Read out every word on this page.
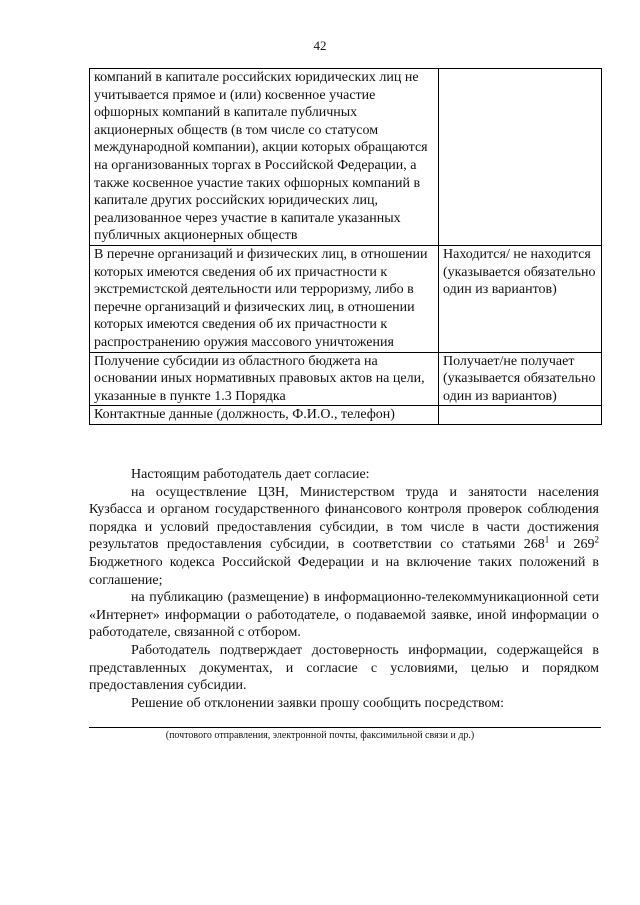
42
компаний в капитале российских юридических лиц не учитывается прямое и (или) косвенное участие офшорных компаний в капитале публичных акционерных обществ (в том числе со статусом международной компании), акции которых обращаются на организованных торгах в Российской Федерации, а также косвенное участие таких офшорных компаний в капитале других российских юридических лиц, реализованное через участие в капитале указанных публичных акционерных обществ	
В перечне организаций и физических лиц, в отношении которых имеются сведения об их причастности к экстремистской деятельности или терроризму, либо в перечне организаций и физических лиц, в отношении которых имеются сведения об их причастности к распространению оружия массового уничтожения	Находится/ не находится (указывается обязательно один из вариантов)
Получение субсидии из областного бюджета на основании иных нормативных правовых актов на цели, указанные в пункте 1.3 Порядка	Получает/не получает (указывается обязательно один из вариантов)
Контактные данные (должность, Ф.И.О., телефон)	

Настоящим работодатель дает согласие:

на осуществление ЦЗН, Министерством труда и занятости населения Кузбасса и органом государственного финансового контроля проверок соблюдения порядка и условий предоставления субсидии, в том числе в части достижения результатов предоставления субсидии, в соответствии со статьями $268^1$ и $269^2$ Бюджетного кодекса Российской Федерации и на включение таких положений в соглашение;

на публикацию (размещение) в информационно-телекоммуникационной сети «Интернет» информации о работодателе, о подаваемой заявке, иной информации о работодателе, связанной с отбором.

Работодатель подтверждает достоверность информации, содержащейся в представленных документах, и согласие с условиями, целью и порядком предоставления субсидии.

Решение об отклонении заявки прошу сообщить посредством:

(почтового отправления, электронной почты, факсимильной связи и др.)
